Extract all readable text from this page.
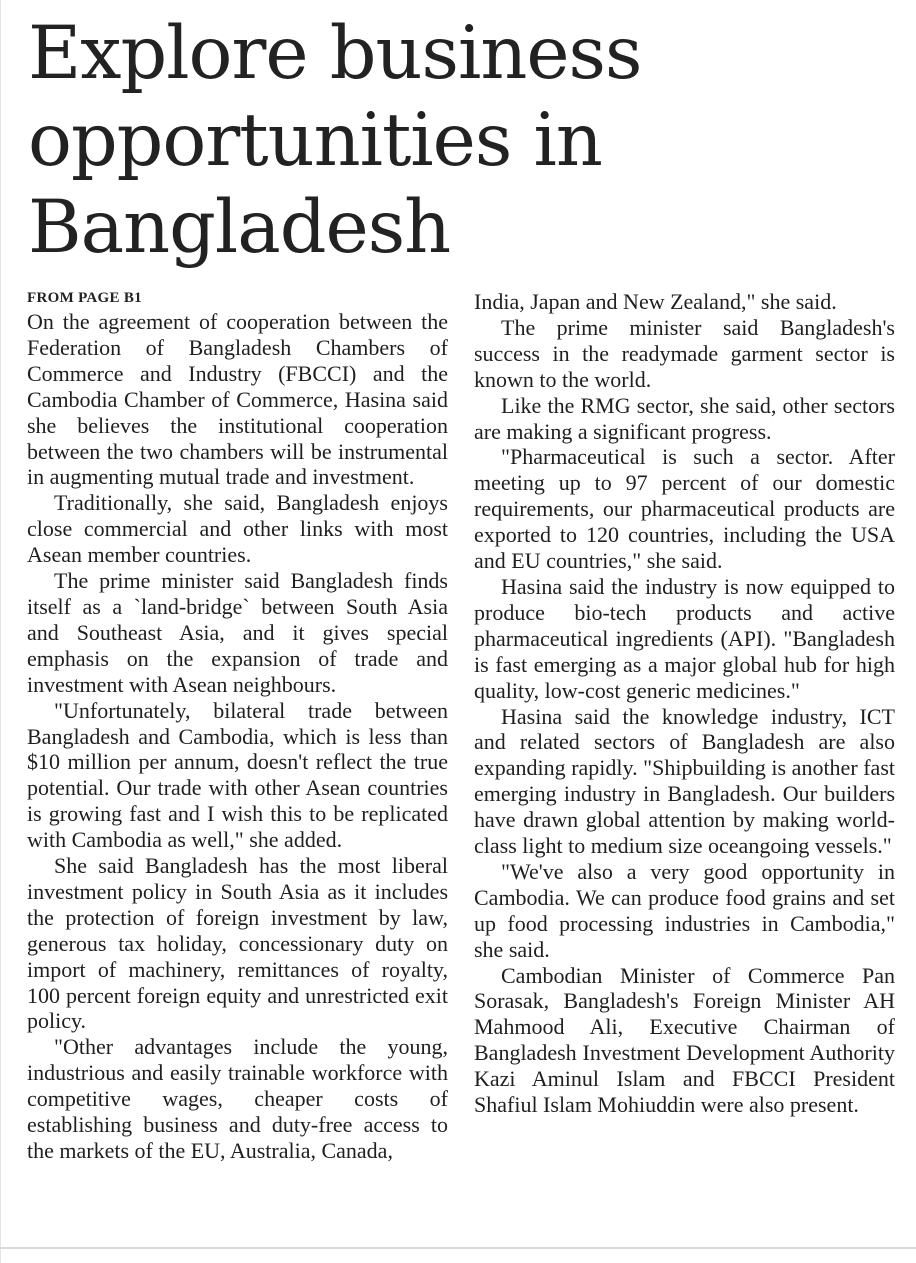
Explore business opportunities in Bangladesh
FROM PAGE B1

On the agreement of cooperation between the Federation of Bangladesh Chambers of Commerce and Industry (FBCCI) and the Cambodia Chamber of Commerce, Hasina said she believes the institutional cooperation between the two chambers will be instrumental in augmenting mutual trade and investment.

Traditionally, she said, Bangladesh enjoys close commercial and other links with most Asean member countries.

The prime minister said Bangladesh finds itself as a `land-bridge` between South Asia and Southeast Asia, and it gives special emphasis on the expansion of trade and investment with Asean neighbours.

"Unfortunately, bilateral trade between Bangladesh and Cambodia, which is less than $10 million per annum, doesn't reflect the true potential. Our trade with other Asean countries is growing fast and I wish this to be replicated with Cambodia as well," she added.

She said Bangladesh has the most liberal investment policy in South Asia as it includes the protection of foreign investment by law, generous tax holiday, concessionary duty on import of machinery, remittances of royalty, 100 percent foreign equity and unrestricted exit policy.

"Other advantages include the young, industrious and easily trainable workforce with competitive wages, cheaper costs of establishing business and duty-free access to the markets of the EU, Australia, Canada,

India, Japan and New Zealand," she said.

The prime minister said Bangladesh's success in the readymade garment sector is known to the world.

Like the RMG sector, she said, other sectors are making a significant progress.

"Pharmaceutical is such a sector. After meeting up to 97 percent of our domestic requirements, our pharmaceutical products are exported to 120 countries, including the USA and EU countries," she said.

Hasina said the industry is now equipped to produce bio-tech products and active pharmaceutical ingredients (API). "Bangladesh is fast emerging as a major global hub for high quality, low-cost generic medicines."

Hasina said the knowledge industry, ICT and related sectors of Bangladesh are also expanding rapidly. "Shipbuilding is another fast emerging industry in Bangladesh. Our builders have drawn global attention by making world-class light to medium size oceangoing vessels."

"We've also a very good opportunity in Cambodia. We can produce food grains and set up food processing industries in Cambodia," she said.

Cambodian Minister of Commerce Pan Sorasak, Bangladesh's Foreign Minister AH Mahmood Ali, Executive Chairman of Bangladesh Investment Development Authority Kazi Aminul Islam and FBCCI President Shafiul Islam Mohiuddin were also present.
